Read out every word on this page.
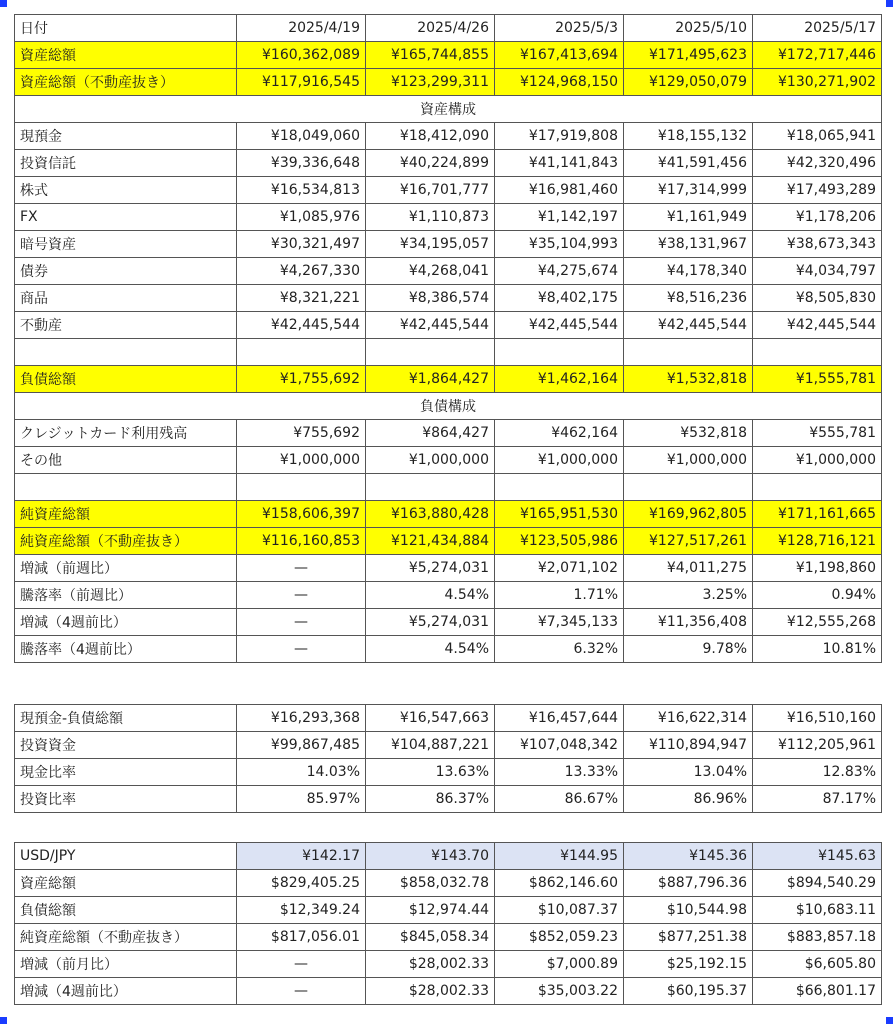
日付	2025/4/19	2025/4/26	2025/5/3	2025/5/10	2025/5/17
資産総額	¥160,362,089	¥165,744,855	¥167,413,694	¥171,495,623	¥172,717,446
資産総額（不動産抜き）	¥117,916,545	¥123,299,311	¥124,968,150	¥129,050,079	¥130,271,902
資産構成					
現預金	¥18,049,060	¥18,412,090	¥17,919,808	¥18,155,132	¥18,065,941
投資信託	¥39,336,648	¥40,224,899	¥41,141,843	¥41,591,456	¥42,320,496
株式	¥16,534,813	¥16,701,777	¥16,981,460	¥17,314,999	¥17,493,289
FX	¥1,085,976	¥1,110,873	¥1,142,197	¥1,161,949	¥1,178,206
暗号資産	¥30,321,497	¥34,195,057	¥35,104,993	¥38,131,967	¥38,673,343
債券	¥4,267,330	¥4,268,041	¥4,275,674	¥4,178,340	¥4,034,797
商品	¥8,321,221	¥8,386,574	¥8,402,175	¥8,516,236	¥8,505,830
不動産	¥42,445,544	¥42,445,544	¥42,445,544	¥42,445,544	¥42,445,544

負債総額	¥1,755,692	¥1,864,427	¥1,462,164	¥1,532,818	¥1,555,781
負債構成					
クレジットカード利用残高	¥755,692	¥864,427	¥462,164	¥532,818	¥555,781
その他	¥1,000,000	¥1,000,000	¥1,000,000	¥1,000,000	¥1,000,000

純資産総額	¥158,606,397	¥163,880,428	¥165,951,530	¥169,962,805	¥171,161,665
純資産総額（不動産抜き）	¥116,160,853	¥121,434,884	¥123,505,986	¥127,517,261	¥128,716,121
増減（前週比）	—	¥5,274,031	¥2,071,102	¥4,011,275	¥1,198,860
騰落率（前週比）	—	4.54%	1.71%	3.25%	0.94%
増減（4週前比）	—	¥5,274,031	¥7,345,133	¥11,356,408	¥12,555,268
騰落率（4週前比）	—	4.54%	6.32%	9.78%	10.81%
現預金-負債総額	¥16,293,368	¥16,547,663	¥16,457,644	¥16,622,314	¥16,510,160
投資資金	¥99,867,485	¥104,887,221	¥107,048,342	¥110,894,947	¥112,205,961
現金比率	14.03%	13.63%	13.33%	13.04%	12.83%
投資比率	85.97%	86.37%	86.67%	86.96%	87.17%
USD/JPY	¥142.17	¥143.70	¥144.95	¥145.36	¥145.63
資産総額	$829,405.25	$858,032.78	$862,146.60	$887,796.36	$894,540.29
負債総額	$12,349.24	$12,974.44	$10,087.37	$10,544.98	$10,683.11
純資産総額（不動産抜き）	$817,056.01	$845,058.34	$852,059.23	$877,251.38	$883,857.18
増減（前月比）	—	$28,002.33	$7,000.89	$25,192.15	$6,605.80
増減（4週前比）	—	$28,002.33	$35,003.22	$60,195.37	$66,801.17
